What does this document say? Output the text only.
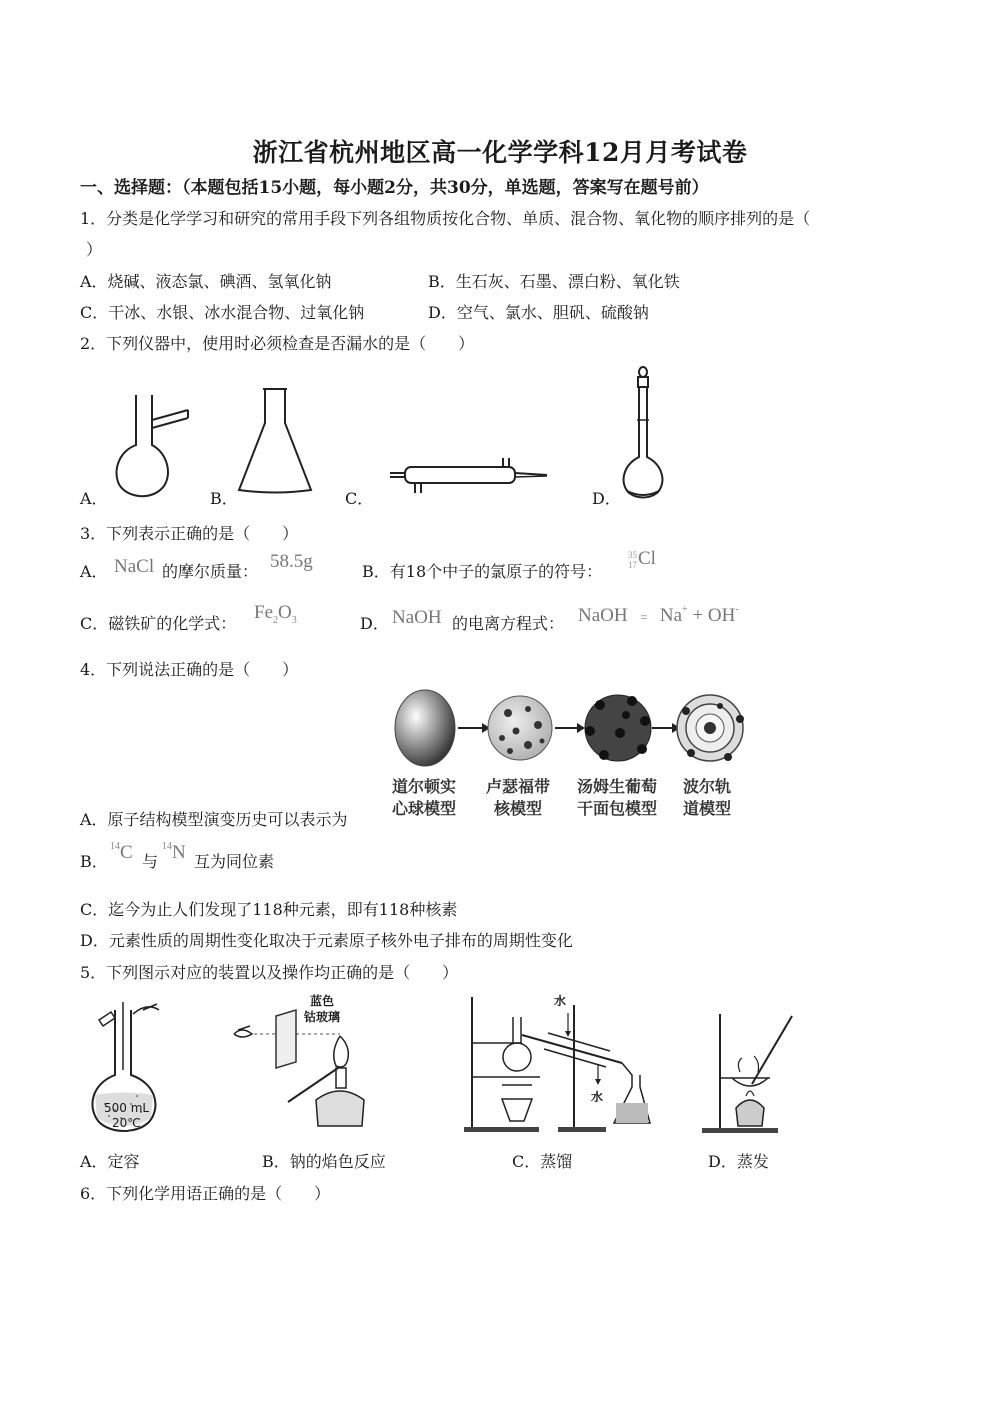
浙江省杭州地区高一化学学科12月月考试卷
一、选择题：（本题包括15小题，每小题2分，共30分，单选题，答案写在题号前）
1．分类是化学学习和研究的常用手段下列各组物质按化合物、单质、混合物、氧化物的顺序排列的是（
）
A．烧碱、液态氯、碘酒、氢氧化钠	B．生石灰、石墨、漂白粉、氧化铁
C．干冰、水银、冰水混合物、过氧化钠	D．空气、氯水、胆矾、硫酸钠
2．下列仪器中，使用时必须检查是否漏水的是（　　）
A．	B．	C．	D．
3．下列表示正确的是（　　）
A． NaCl 的摩尔质量： 58.5g	B．有18个中子的氯原子的符号：
35
17Cl
C．磁铁矿的化学式：
$Fe_2O_3$	D． NaOH 的电离方程式： NaOH = Na+ + OH-
4．下列说法正确的是（　　）
道尔顿实
心球模型
卢瑟福带
核模型
汤姆生葡萄
干面包模型
波尔轨
道模型
A．原子结构模型演变历史可以表示为
B．
$^{14}$C 与
$^{14}$N 互为同位素
C．迄今为止人们发现了118种元素，即有118种核素
D．元素性质的周期性变化取决于元素原子核外电子排布的周期性变化
5．下列图示对应的装置以及操作均正确的是（　　）
500 mL
20℃
A．定容
蓝色
钴玻璃
B．钠的焰色反应
水
水
C．蒸馏	D．蒸发
6．下列化学用语正确的是（　　）
